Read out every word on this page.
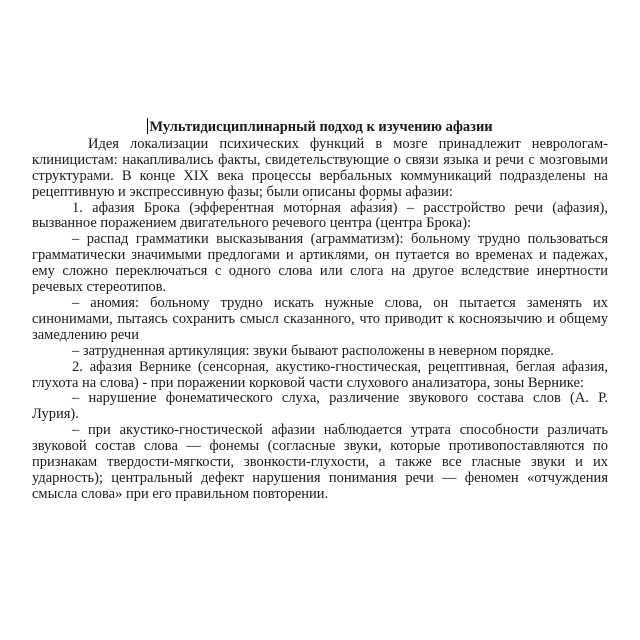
Мультидисциплинарный подход к изучению афазии

Идея локализации психических функций в мозге принадлежит неврологам-клиницистам: накапливались факты, свидетельствующие о связи языка и речи с мозговыми структурами. В конце XIX века процессы вербальных коммуникаций подразделены на рецептивную и экспрессивную фазы; были описаны формы афазии:

1. афазия Брока (эффере́нтная мото́рная афа́зи́я) – расстройство речи (афазия), вызванное поражением двигательного речевого центра (центра Брока):

– распад грамматики высказывания (аграмматизм): больному трудно пользоваться грамматически значимыми предлогами и артиклями, он путается во временах и падежах, ему сложно переключаться с одного слова или слога на другое вследствие инертности речевых стереотипов.

– аномия: больному трудно искать нужные слова, он пытается заменять их синонимами, пытаясь сохранить смысл сказанного, что приводит к косноязычию и общему замедлению речи

– затрудненная артикуляция: звуки бывают расположены в неверном порядке.

2. афазия Вернике (сенсорная, акустико-гностическая, рецептивная, беглая афазия, глухота на слова) - при поражении корковой части слухового анализатора, зоны Вернике:

– нарушение фонематического слуха, различение звукового состава слов (А. Р. Лурия).

– при акустико-гностической афазии наблюдается утрата способности различать звуковой состав слова — фонемы (согласные звуки, которые противопоставляются по признакам твердости-мягкости, звонкости-глухости, а также все гласные звуки и их ударность); центральный дефект нарушения понимания речи — феномен «отчуждения смысла слова» при его правильном повторении.
